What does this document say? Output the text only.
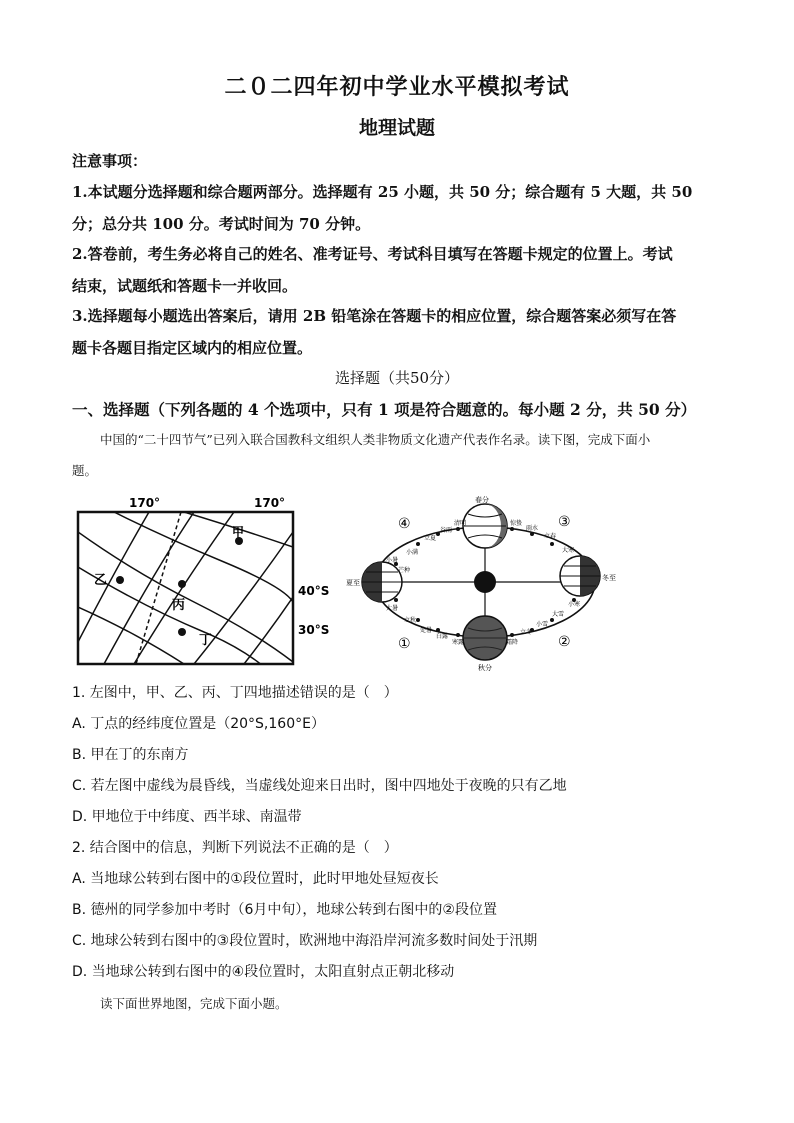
二０二四年初中学业水平模拟考试
地理试题
注意事项：
1.本试题分选择题和综合题两部分。选择题有 25 小题，共 50 分；综合题有 5 大题，共 50
分；总分共 100 分。考试时间为 70 分钟。
2.答卷前，考生务必将自己的姓名、准考证号、考试科目填写在答题卡规定的位置上。考试
结束，试题纸和答题卡一并收回。
3.选择题每小题选出答案后，请用 2B 铅笔涂在答题卡的相应位置，综合题答案必须写在答
题卡各题目指定区域内的相应位置。
选择题（共50分）
一、选择题（下列各题的 4 个选项中，只有 1 项是符合题意的。每小题 2 分，共 50 分）
中国的“二十四节气”已列入联合国教科文组织人类非物质文化遗产代表作名录。读下图，完成下面小
题。
甲
乙
丙
丁
170°	170°
40°S
30°S
④	③
①	②
春分
秋分
夏至
冬至
小满
立夏
谷雨
清明	惊蛰
雨水
立春
大寒
小寒
大雪
小雪
立冬
霜降
寒露
白露
处暑
立秋
大暑
小暑
芒种
1. 左图中，甲、乙、丙、丁四地描述错误的是（　）
A. 丁点的经纬度位置是（20°S,160°E）
B. 甲在丁的东南方
C. 若左图中虚线为晨昏线，当虚线处迎来日出时，图中四地处于夜晚的只有乙地
D. 甲地位于中纬度、西半球、南温带
2. 结合图中的信息，判断下列说法不正确的是（　）
A. 当地球公转到右图中的①段位置时，此时甲地处昼短夜长
B. 德州的同学参加中考时（6月中旬），地球公转到右图中的②段位置
C. 地球公转到右图中的③段位置时，欧洲地中海沿岸河流多数时间处于汛期
D. 当地球公转到右图中的④段位置时，太阳直射点正朝北移动
读下面世界地图，完成下面小题。
